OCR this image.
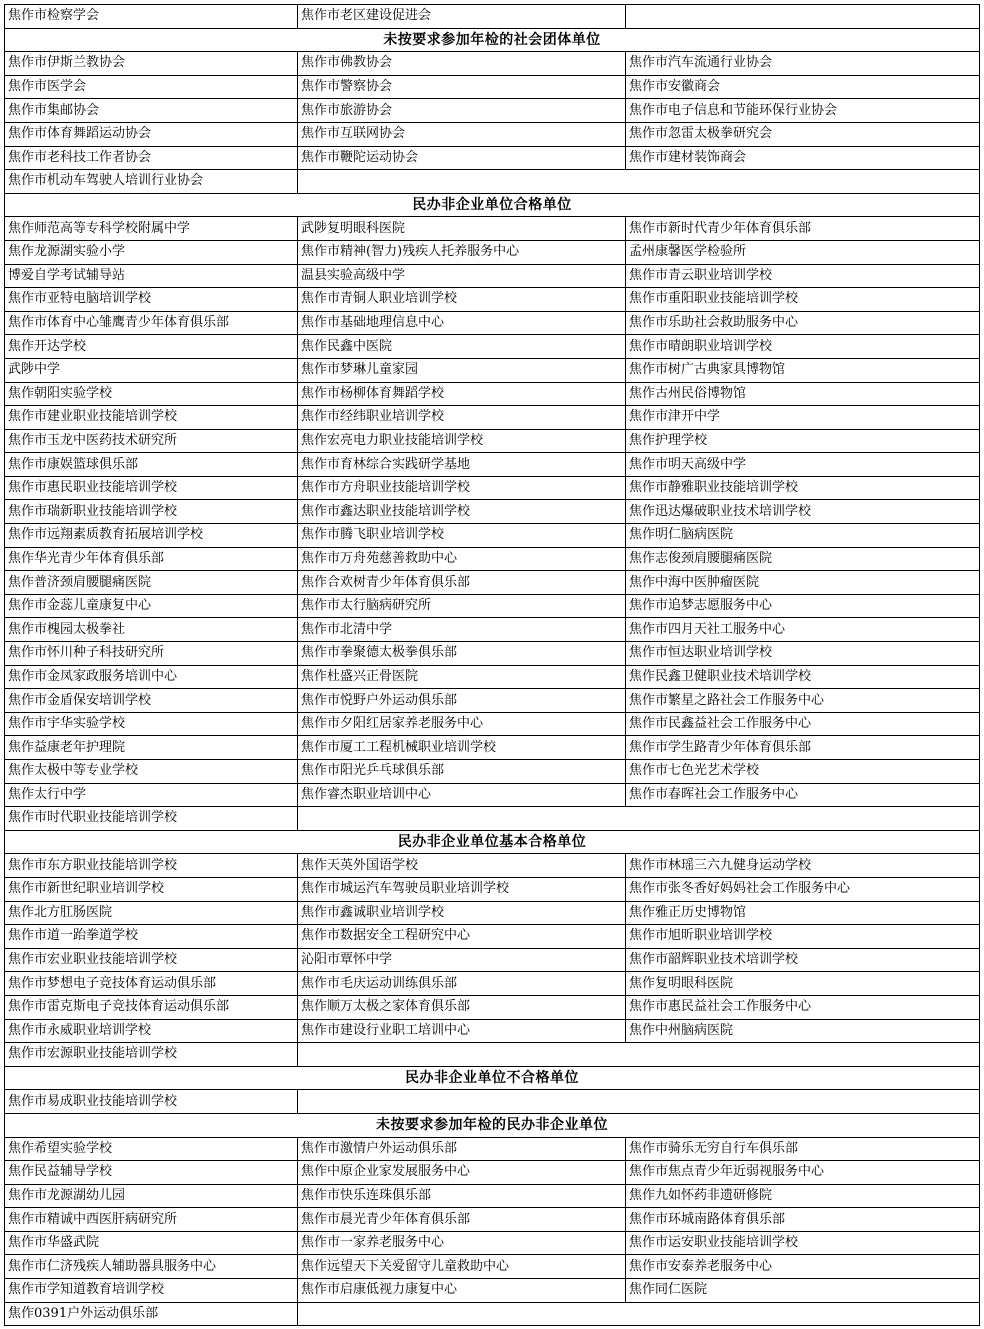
焦作市检察学会	焦作市老区建设促进会	
未按要求参加年检的社会团体单位		
焦作市伊斯兰教协会	焦作市佛教协会	焦作市汽车流通行业协会
焦作市医学会	焦作市警察协会	焦作市安徽商会
焦作市集邮协会	焦作市旅游协会	焦作市电子信息和节能环保行业协会
焦作市体育舞蹈运动协会	焦作市互联网协会	焦作市忽雷太极拳研究会
焦作市老科技工作者协会	焦作市鞭陀运动协会	焦作市建材装饰商会
焦作市机动车驾驶人培训行业协会		
民办非企业单位合格单位		
焦作师范高等专科学校附属中学	武陟复明眼科医院	焦作市新时代青少年体育俱乐部
焦作龙源湖实验小学	焦作市精神(智力)残疾人托养服务中心	孟州康馨医学检验所
博爱自学考试辅导站	温县实验高级中学	焦作市青云职业培训学校
焦作市亚特电脑培训学校	焦作市青铜人职业培训学校	焦作市重阳职业技能培训学校
焦作市体育中心雏鹰青少年体育俱乐部	焦作市基础地理信息中心	焦作市乐助社会救助服务中心
焦作开达学校	焦作民鑫中医院	焦作市晴朗职业培训学校
武陟中学	焦作市梦琳儿童家园	焦作市树广古典家具博物馆
焦作朝阳实验学校	焦作市杨柳体育舞蹈学校	焦作古州民俗博物馆
焦作市建业职业技能培训学校	焦作市经纬职业培训学校	焦作市津开中学
焦作市玉龙中医药技术研究所	焦作宏亮电力职业技能培训学校	焦作护理学校
焦作市康娱篮球俱乐部	焦作市育林综合实践研学基地	焦作市明天高级中学
焦作市惠民职业技能培训学校	焦作市方舟职业技能培训学校	焦作市静雅职业技能培训学校
焦作市瑞新职业技能培训学校	焦作市鑫达职业技能培训学校	焦作迅达爆破职业技术培训学校
焦作市远翔素质教育拓展培训学校	焦作市腾飞职业培训学校	焦作明仁脑病医院
焦作华光青少年体育俱乐部	焦作市万舟苑慈善救助中心	焦作志俊颈肩腰腿痛医院
焦作普济颈肩腰腿痛医院	焦作合欢树青少年体育俱乐部	焦作中海中医肿瘤医院
焦作市金蕊儿童康复中心	焦作市太行脑病研究所	焦作市追梦志愿服务中心
焦作市槐园太极拳社	焦作市北清中学	焦作市四月天社工服务中心
焦作市怀川种子科技研究所	焦作市拳聚德太极拳俱乐部	焦作市恒达职业培训学校
焦作市金凤家政服务培训中心	焦作杜盛兴正骨医院	焦作民鑫卫健职业技术培训学校
焦作市金盾保安培训学校	焦作市悦野户外运动俱乐部	焦作市繁星之路社会工作服务中心
焦作市宇华实验学校	焦作市夕阳红居家养老服务中心	焦作市民鑫益社会工作服务中心
焦作益康老年护理院	焦作市厦工工程机械职业培训学校	焦作市学生路青少年体育俱乐部
焦作太极中等专业学校	焦作市阳光乒乓球俱乐部	焦作市七色光艺术学校
焦作太行中学	焦作睿杰职业培训中心	焦作市春晖社会工作服务中心
焦作市时代职业技能培训学校		
民办非企业单位基本合格单位		
焦作市东方职业技能培训学校	焦作天英外国语学校	焦作市林瑶三六九健身运动学校
焦作市新世纪职业培训学校	焦作市城运汽车驾驶员职业培训学校	焦作市张冬香好妈妈社会工作服务中心
焦作北方肛肠医院	焦作市鑫诚职业培训学校	焦作雅正历史博物馆
焦作市道一跆拳道学校	焦作市数据安全工程研究中心	焦作市旭昕职业培训学校
焦作市宏业职业技能培训学校	沁阳市覃怀中学	焦作市韶辉职业技术培训学校
焦作市梦想电子竞技体育运动俱乐部	焦作市毛庆运动训练俱乐部	焦作复明眼科医院
焦作市雷克斯电子竞技体育运动俱乐部	焦作顺万太极之家体育俱乐部	焦作市惠民益社会工作服务中心
焦作市永威职业培训学校	焦作市建设行业职工培训中心	焦作中州脑病医院
焦作市宏源职业技能培训学校		
民办非企业单位不合格单位		
焦作市易成职业技能培训学校		
未按要求参加年检的民办非企业单位		
焦作希望实验学校	焦作市激情户外运动俱乐部	焦作市骑乐无穷自行车俱乐部
焦作民益辅导学校	焦作中原企业家发展服务中心	焦作市焦点青少年近弱视服务中心
焦作市龙源湖幼儿园	焦作市快乐连珠俱乐部	焦作九如怀药非遗研修院
焦作市精诚中西医肝病研究所	焦作市晨光青少年体育俱乐部	焦作市环城南路体育俱乐部
焦作市华盛武院	焦作市一家养老服务中心	焦作市运安职业技能培训学校
焦作市仁济残疾人辅助器具服务中心	焦作远望天下关爱留守儿童救助中心	焦作市安泰养老服务中心
焦作市学知道教育培训学校	焦作市启康低视力康复中心	焦作同仁医院
焦作0391户外运动俱乐部		
